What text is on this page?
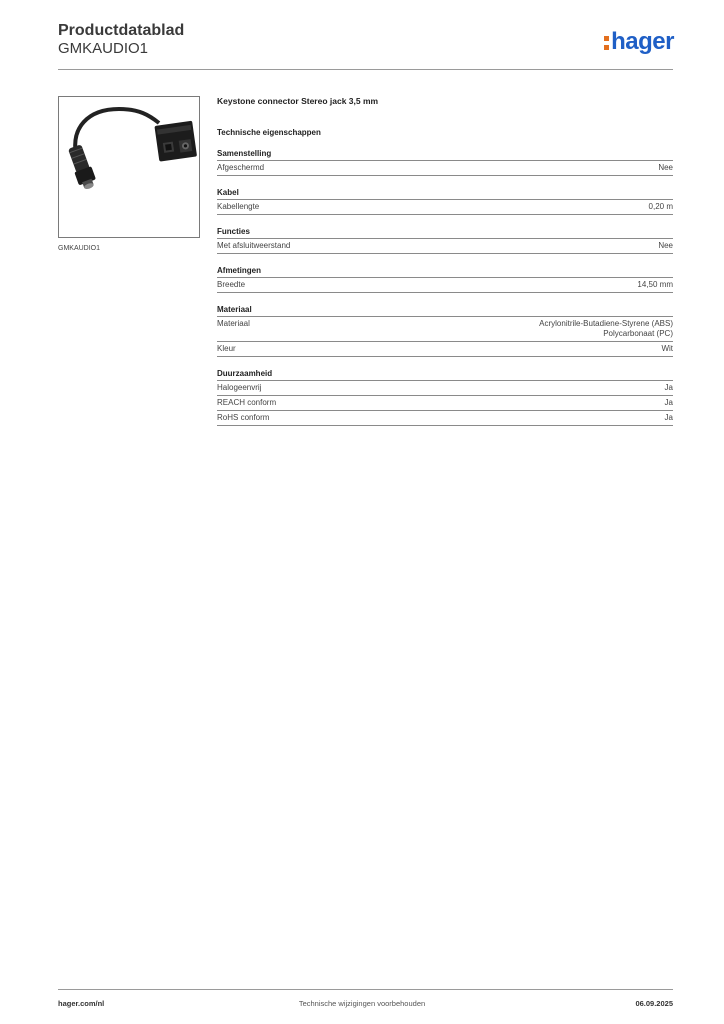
Productdatablad
GMKAUDIO1	hager
GMKAUDIO1
Keystone connector Stereo jack 3,5 mm
Technische eigenschappen
Samenstelling
Afgeschermd	Nee
Kabel
Kabellengte	0,20 m
Functies
Met afsluitweerstand	Nee
Afmetingen
Breedte	14,50 mm
Materiaal
Materiaal	Acrylonitrile-Butadiene-Styrene (ABS)
Polycarbonaat (PC)
Kleur	Wit
Duurzaamheid
Halogeenvrij	Ja
REACH conform	Ja
RoHS conform	Ja
hager.com/nl	Technische wijzigingen voorbehouden	06.09.2025
